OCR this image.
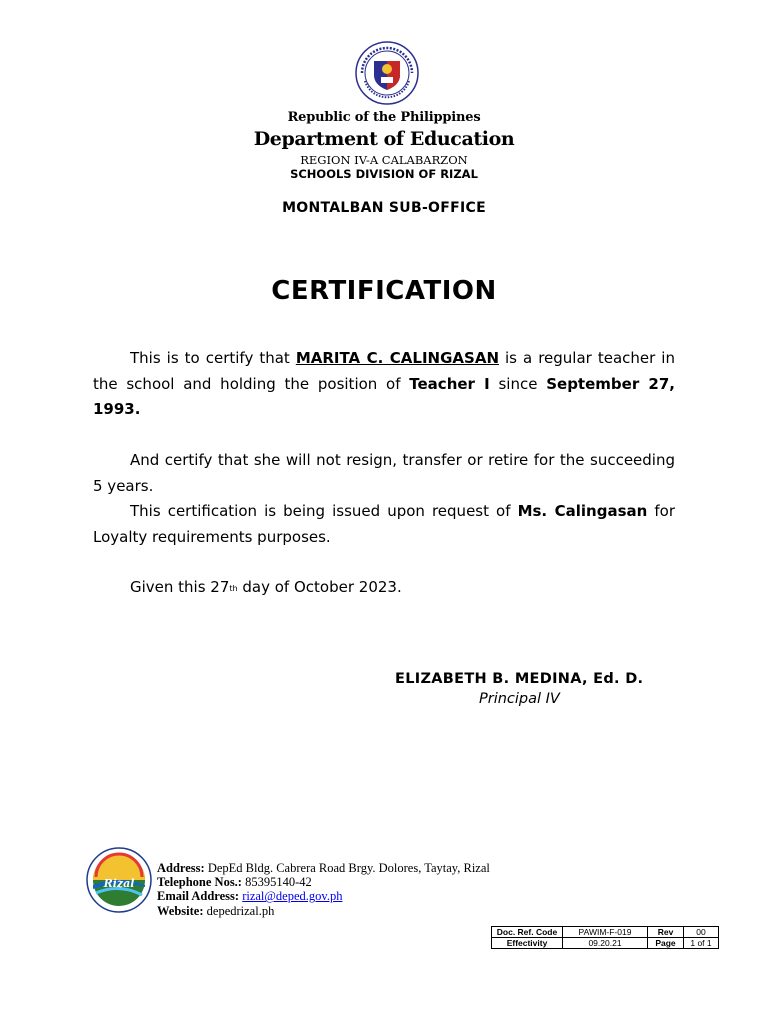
Republic of the Philippines
Department of Education
REGION IV-A CALABARZON
SCHOOLS DIVISION OF RIZAL
MONTALBAN SUB-OFFICE
CERTIFICATION
This is to certify that MARITA C. CALINGASAN is a regular teacher in the school and holding the position of Teacher I since September 27, 1993.
And certify that she will not resign, transfer or retire for the succeeding 5 years.
This certification is being issued upon request of Ms. Calingasan for Loyalty requirements purposes.
Given this 27th day of October 2023.
ELIZABETH B. MEDINA, Ed. D.
Principal IV
Rizal
Address: DepEd Bldg. Cabrera Road Brgy. Dolores, Taytay, Rizal
Telephone Nos.: 85395140-42
Email Address: rizal@deped.gov.ph
Website: depedrizal.ph
Doc. Ref. Code	PAWIM-F-019	Rev	00
Effectivity	09.20.21	Page	1 of 1
